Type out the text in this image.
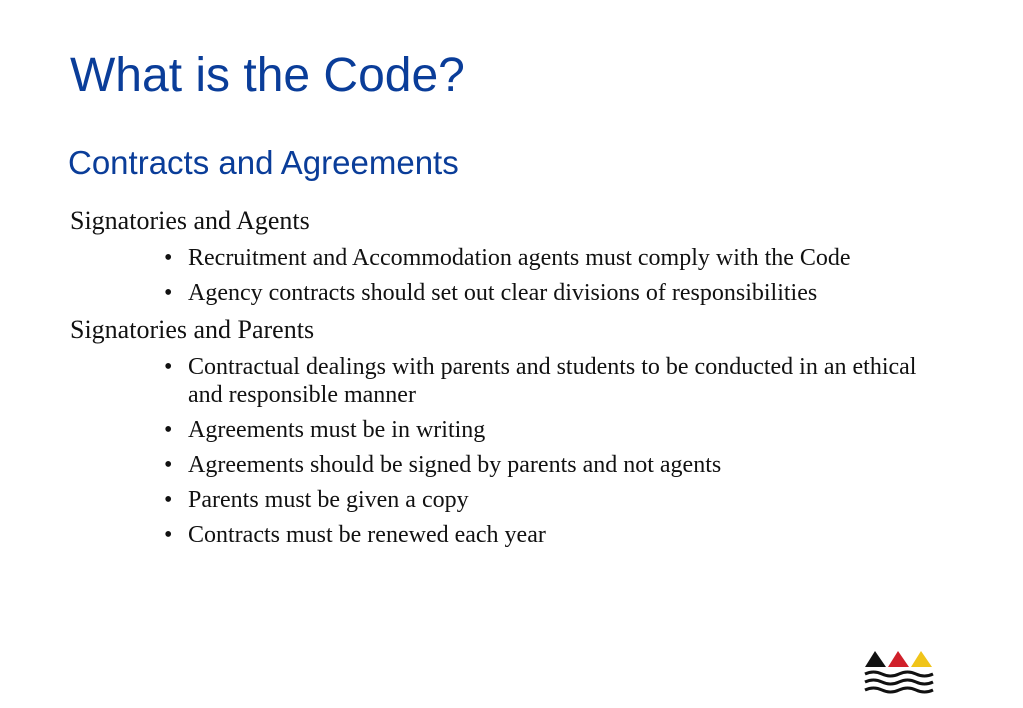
What is the Code?
Contracts and Agreements
Signatories and Agents
• Recruitment and Accommodation agents must comply with the Code
• Agency contracts should set out clear divisions of responsibilities
Signatories and Parents
• Contractual dealings with parents and students to be conducted in an ethical and responsible manner
• Agreements must be in writing
• Agreements should be signed by parents and not agents
• Parents must be given a copy
• Contracts must be renewed each year
